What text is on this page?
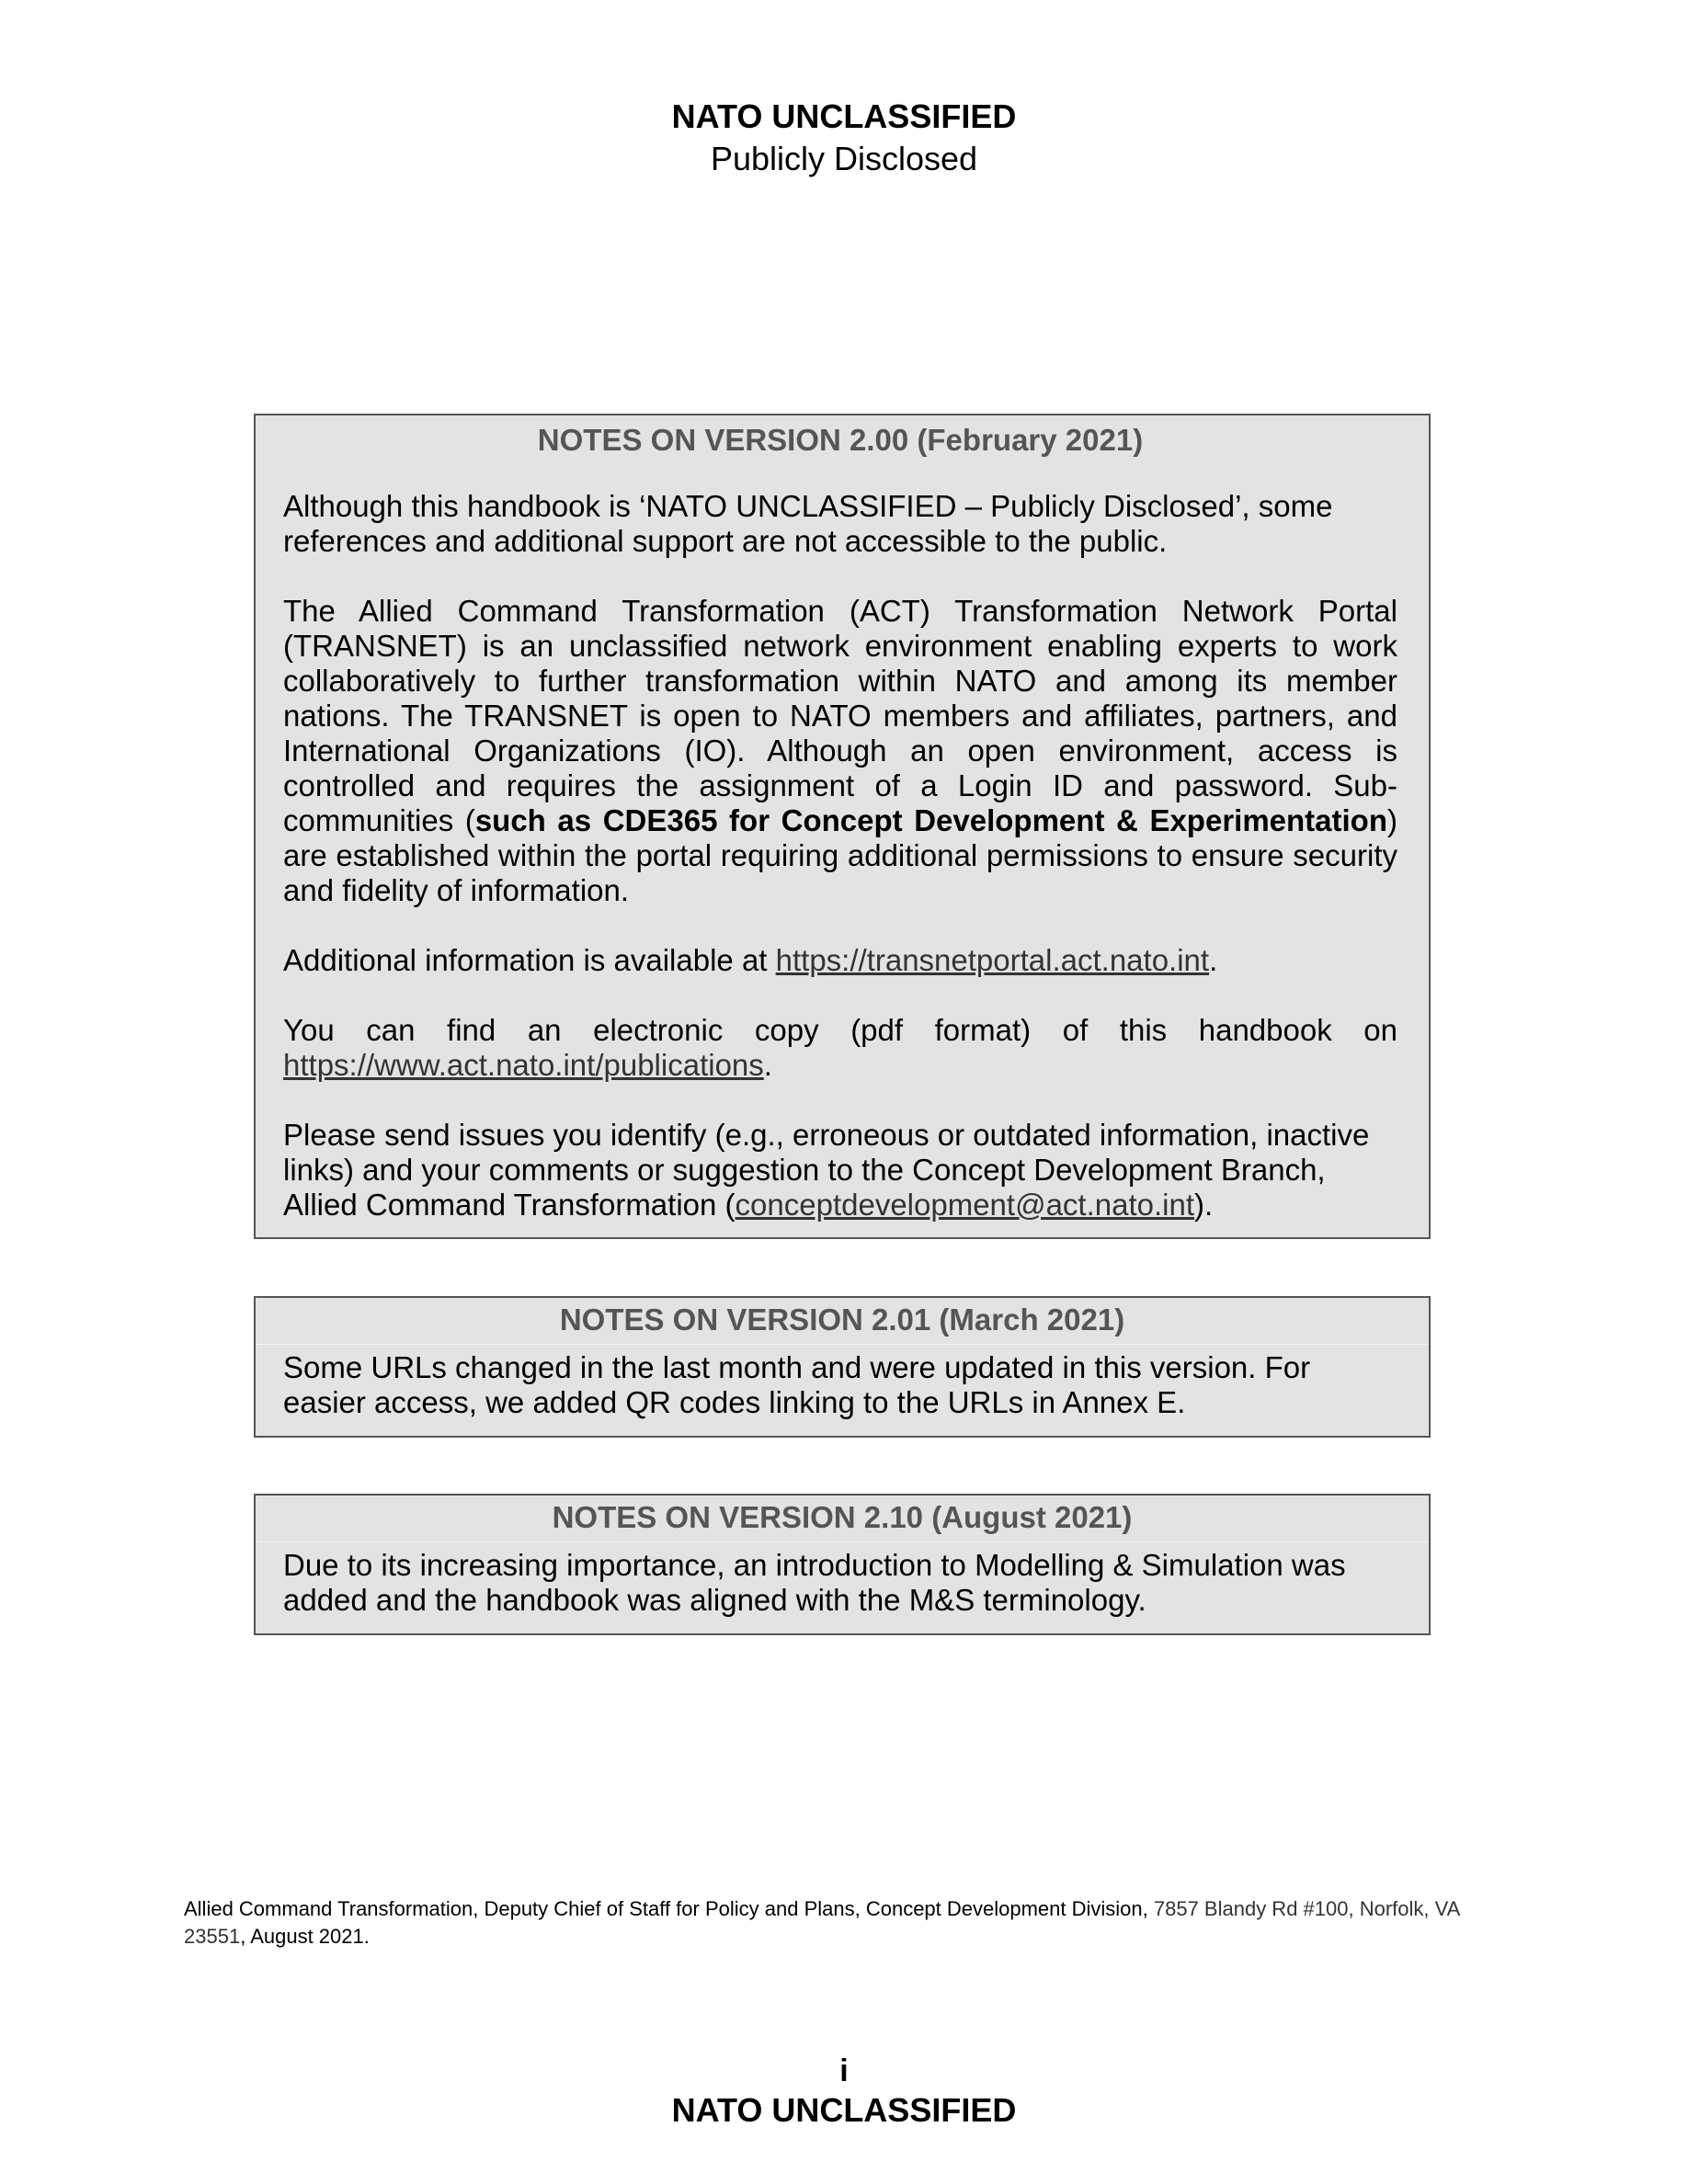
NATO UNCLASSIFIED
Publicly Disclosed
NOTES ON VERSION 2.00 (February 2021)
Although this handbook is ‘NATO UNCLASSIFIED – Publicly Disclosed’, some references and additional support are not accessible to the public.
The Allied Command Transformation (ACT) Transformation Network Portal (TRANSNET) is an unclassified network environment enabling experts to work collaboratively to further transformation within NATO and among its member nations. The TRANSNET is open to NATO members and affiliates, partners, and International Organizations (IO). Although an open environment, access is controlled and requires the assignment of a Login ID and password. Sub-communities (such as CDE365 for Concept Development & Experimentation) are established within the portal requiring additional permissions to ensure security and fidelity of information.
Additional information is available at https://transnetportal.act.nato.int.
You can find an electronic copy (pdf format) of this handbook on https://www.act.nato.int/publications.
Please send issues you identify (e.g., erroneous or outdated information, inactive links) and your comments or suggestion to the Concept Development Branch, Allied Command Transformation (conceptdevelopment@act.nato.int).
NOTES ON VERSION 2.01 (March 2021)
Some URLs changed in the last month and were updated in this version. For easier access, we added QR codes linking to the URLs in Annex E.
NOTES ON VERSION 2.10 (August 2021)
Due to its increasing importance, an introduction to Modelling & Simulation was added and the handbook was aligned with the M&S terminology.
Allied Command Transformation, Deputy Chief of Staff for Policy and Plans, Concept Development Division, 7857 Blandy Rd #100, Norfolk, VA 23551, August 2021.
i
NATO UNCLASSIFIED
